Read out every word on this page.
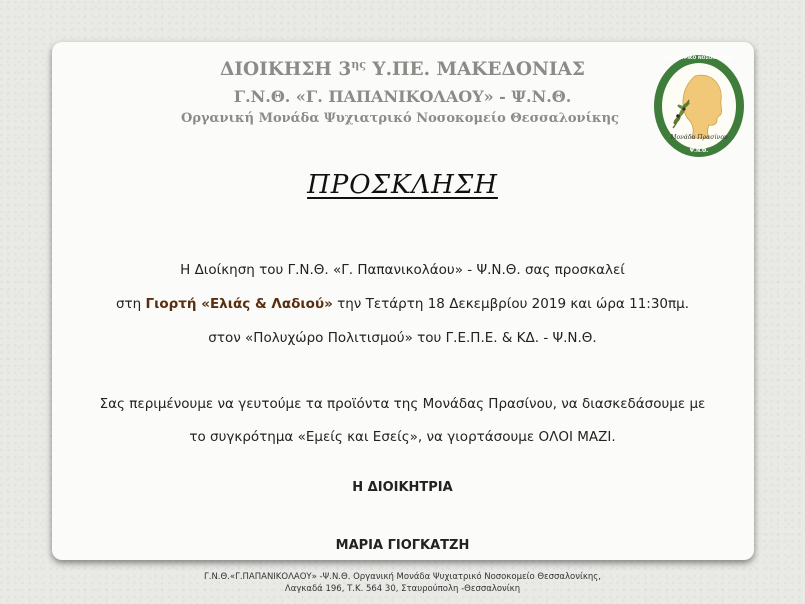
ΔΙΟΙΚΗΣΗ $3^{\eta\varsigma}$ Υ.ΠΕ. ΜΑΚΕΔΟΝΙΑΣ
Γ.Ν.Θ. «Γ. ΠΑΠΑΝΙΚΟΛΑΟΥ» - Ψ.Ν.Θ.
Οργανική Μονάδα Ψυχιατρικό Νοσοκομείο Θεσσαλονίκης
ΨΥΧΙΑΤΡΙΚΟ ΝΟΣΟΚΟΜΕΙΟ
Μονάδα Πρασίνου
Ψ.Ν.Θ.
ΠΡΟΣΚΛΗΣΗ
Η Διοίκηση του Γ.Ν.Θ. «Γ. Παπανικολάου» - Ψ.Ν.Θ. σας προσκαλεί
στη Γιορτή «Ελιάς & Λαδιού» την Τετάρτη 18 Δεκεμβρίου 2019 και ώρα 11:30πμ.
στον «Πολυχώρο Πολιτισμού» του Γ.Ε.Π.Ε. & ΚΔ. - Ψ.Ν.Θ.
Σας περιμένουμε να γευτούμε τα προϊόντα της Μονάδας Πρασίνου, να διασκεδάσουμε με
το συγκρότημα «Εμείς και Εσείς», να γιορτάσουμε ΟΛΟΙ ΜΑΖΙ.
Η ΔΙΟΙΚΗΤΡΙΑ
ΜΑΡΙΑ ΓΙΟΓΚΑΤΖΗ
Γ.Ν.Θ.«Γ.ΠΑΠΑΝΙΚΟΛΑΟΥ» -Ψ.Ν.Θ. Οργανική Μονάδα Ψυχιατρικό Νοσοκομείο Θεσσαλονίκης,
Λαγκαδά 196, Τ.Κ. 564 30, Σταυρούπολη -Θεσσαλονίκη
